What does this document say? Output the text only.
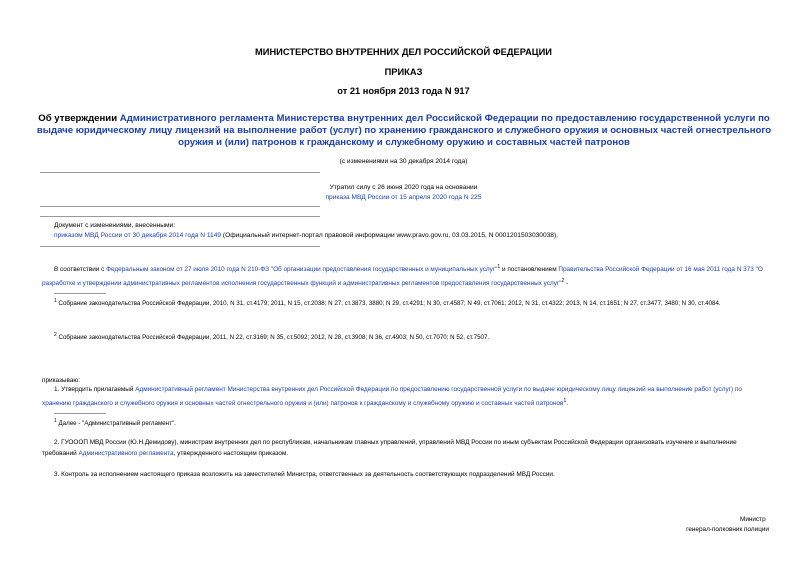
МИНИСТЕРСТВО ВНУТРЕННИХ ДЕЛ РОССИЙСКОЙ ФЕДЕРАЦИИ
ПРИКАЗ
от 21 ноября 2013 года N 917
Об утверждении Административного регламента Министерства внутренних дел Российской Федерации по предоставлению государственной услуги по выдаче юридическому лицу лицензий на выполнение работ (услуг) по хранению гражданского и служебного оружия и основных частей огнестрельного оружия и (или) патронов к гражданскому и служебному оружию и составных частей патронов
(с изменениями на 30 декабря 2014 года)
Утратил силу с 26 июня 2020 года на основании
приказа МВД России от 15 апреля 2020 года N 225
Документ с изменениями, внесенными:
приказом МВД России от 30 декабря 2014 года N 1149 (Официальный интернет-портал правовой информации www.pravo.gov.ru, 03.03.2015, N 0001201503030038).
В соответствии с Федеральным законом от 27 июля 2010 года N 210-ФЗ "Об организации предоставления государственных и муниципальных услуг"$^1$ и постановлением Правительства Российской Федерации от 16 мая 2011 года N 373 "О разработке и утверждении административных регламентов исполнения государственных функций и административных регламентов предоставления государственных услуг"$^2$ -
$^1$ Собрание законодательства Российской Федерации, 2010, N 31, ст.4179; 2011, N 15, ст.2038; N 27, ст.3873, 3880; N 29, ст.4291; N 30, ст.4587; N 49, ст.7061; 2012, N 31, ст.4322; 2013, N 14, ст.1651; N 27, ст.3477, 3480; N 30, ст.4084.
$^2$ Собрание законодательства Российской Федерации, 2011, N 22, ст.3169; N 35, ст.5092; 2012, N 28, ст.3908; N 36, ст.4903; N 50, ст.7070; N 52, ст.7507.
приказываю:
1. Утвердить прилагаемый Административный регламент Министерства внутренних дел Российской Федерации по предоставлению государственной услуги по выдаче юридическому лицу лицензий на выполнение работ (услуг) по хранению гражданского и служебного оружия и основных частей огнестрельного оружия и (или) патронов к гражданскому и служебному оружию и составных частей патронов$^1$.
$^1$ Далее - "Административный регламент".
2. ГУОООП МВД России (Ю.Н.Демидову), министрам внутренних дел по республикам, начальникам главных управлений, управлений МВД России по иным субъектам Российской Федерации организовать изучение и выполнение требований Административного регламента, утвержденного настоящим приказом.
3. Контроль за исполнением настоящего приказа возложить на заместителей Министра, ответственных за деятельность соответствующих подразделений МВД России.
Министр
генерал-полковник полиции
